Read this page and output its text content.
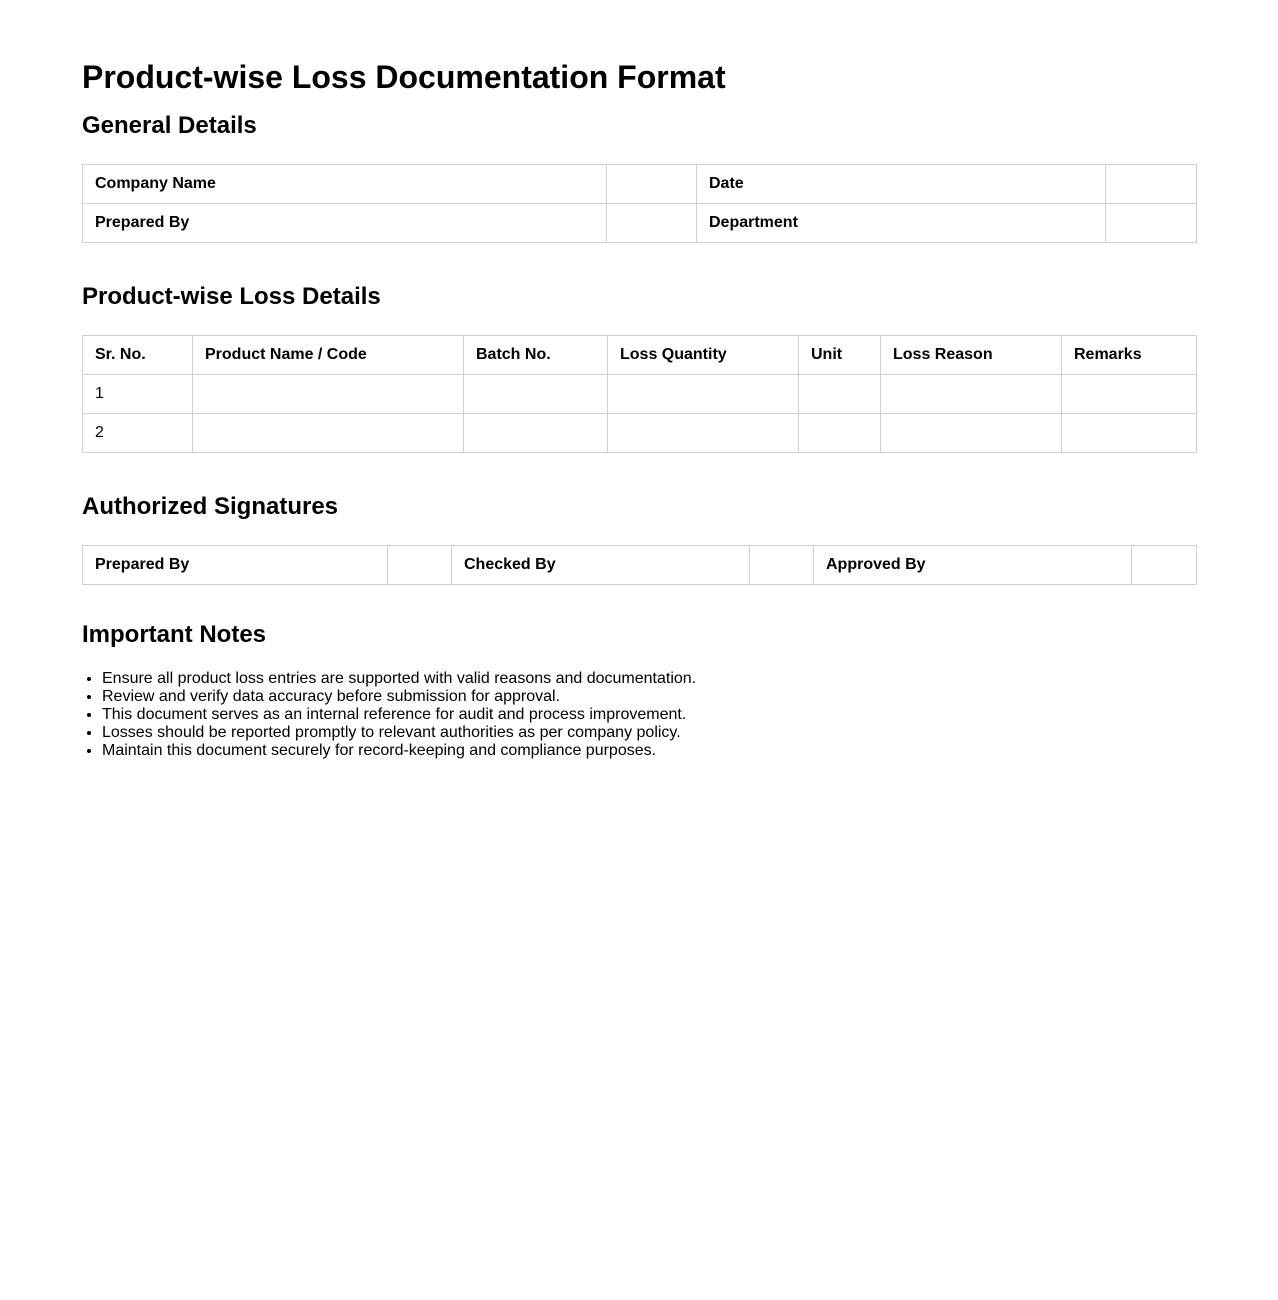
Product-wise Loss Documentation Format
General Details
Company Name		Date	
Prepared By		Department	
Product-wise Loss Details
Sr. No.	Product Name / Code	Batch No.	Loss Quantity	Unit	Loss Reason	Remarks
1						
2						
Authorized Signatures
Prepared By		Checked By		Approved By	
Important Notes
• Ensure all product loss entries are supported with valid reasons and documentation.
• Review and verify data accuracy before submission for approval.
• This document serves as an internal reference for audit and process improvement.
• Losses should be reported promptly to relevant authorities as per company policy.
• Maintain this document securely for record-keeping and compliance purposes.
